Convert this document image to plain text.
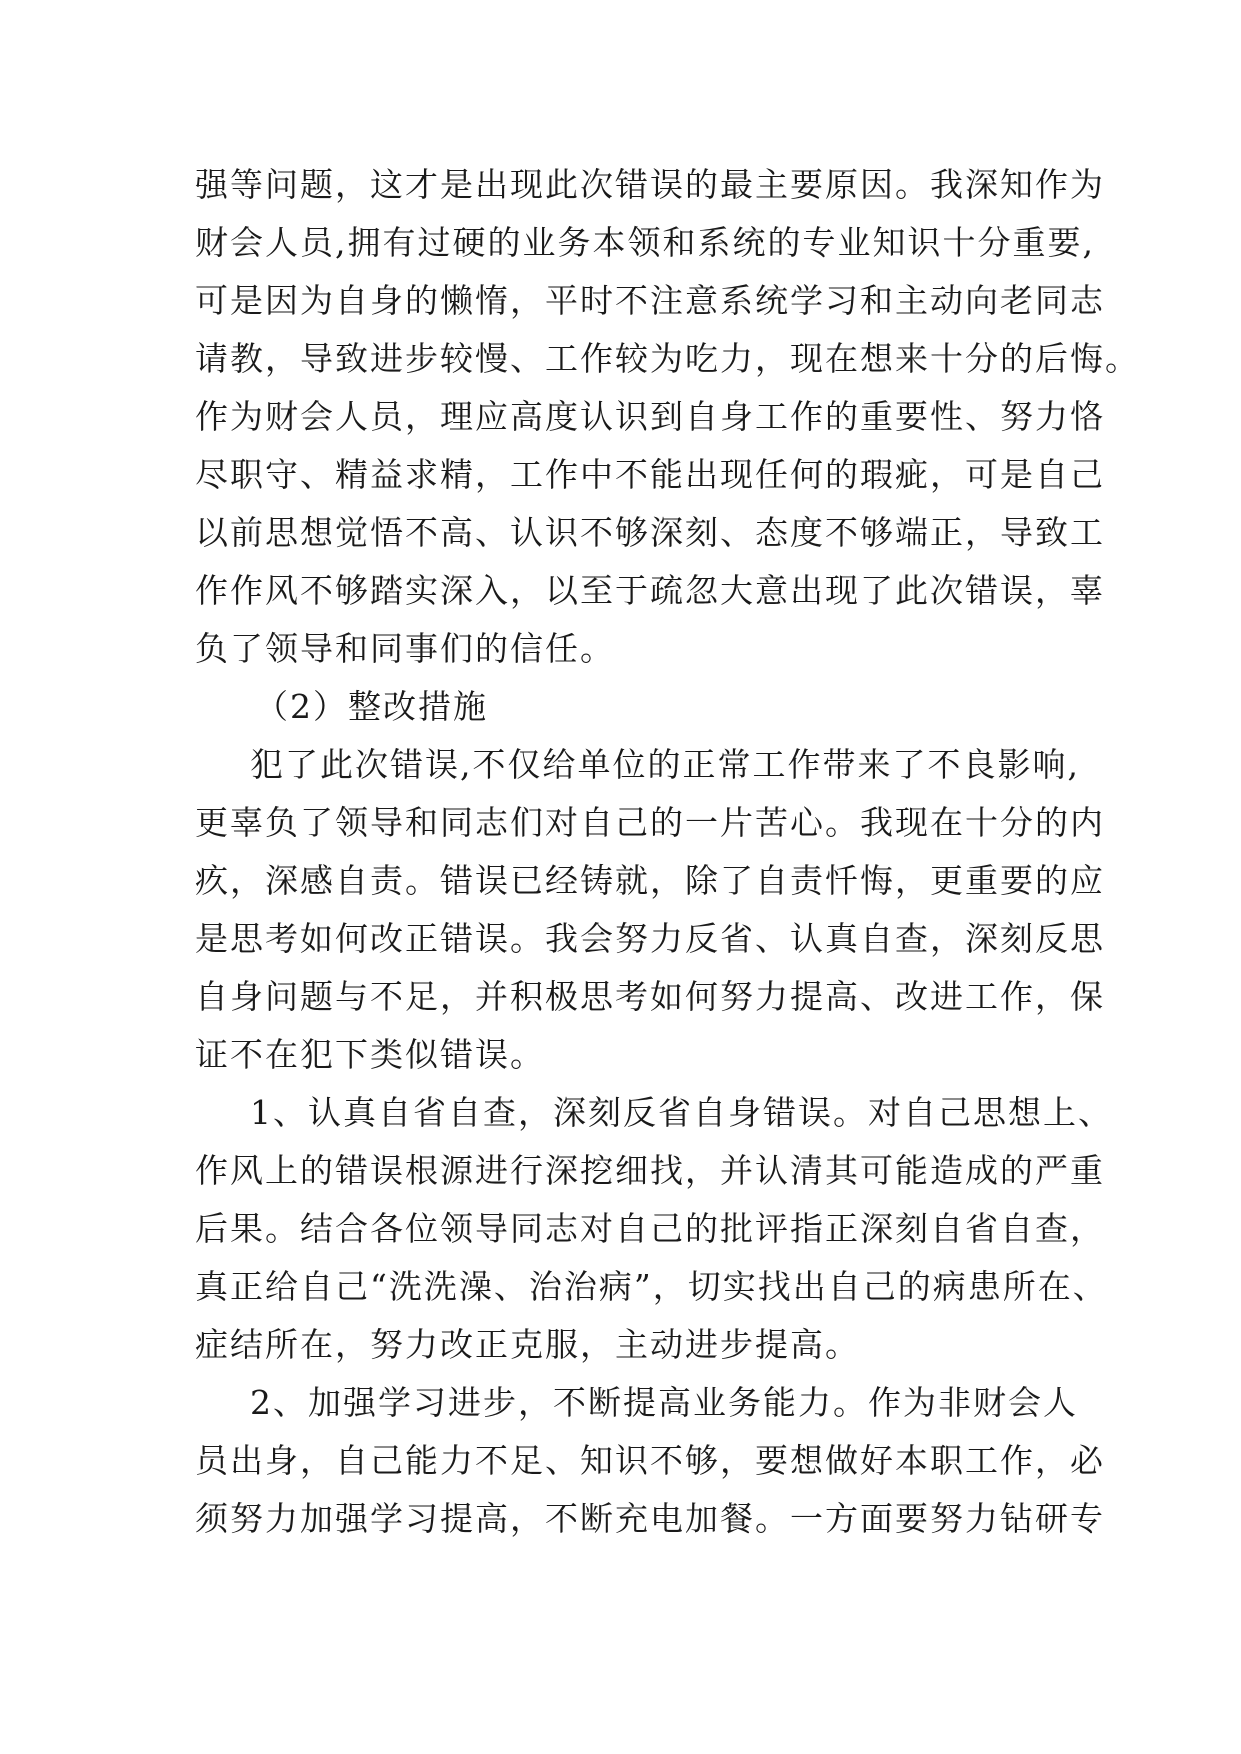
强等问题，这才是出现此次错误的最主要原因。我深知作为
财会人员,拥有过硬的业务本领和系统的专业知识十分重要,
可是因为自身的懒惰，平时不注意系统学习和主动向老同志
请教，导致进步较慢、工作较为吃力，现在想来十分的后悔。
作为财会人员，理应高度认识到自身工作的重要性、努力恪
尽职守、精益求精，工作中不能出现任何的瑕疵，可是自己
以前思想觉悟不高、认识不够深刻、态度不够端正，导致工
作作风不够踏实深入，以至于疏忽大意出现了此次错误，辜
负了领导和同事们的信任。
（2）整改措施
犯了此次错误,不仅给单位的正常工作带来了不良影响,
更辜负了领导和同志们对自己的一片苦心。我现在十分的内
疚，深感自责。错误已经铸就，除了自责忏悔，更重要的应
是思考如何改正错误。我会努力反省、认真自查，深刻反思
自身问题与不足，并积极思考如何努力提高、改进工作，保
证不在犯下类似错误。
1、认真自省自查，深刻反省自身错误。对自己思想上、
作风上的错误根源进行深挖细找，并认清其可能造成的严重
后果。结合各位领导同志对自己的批评指正深刻自省自查，
真正给自己“洗洗澡、治治病”，切实找出自己的病患所在、
症结所在，努力改正克服，主动进步提高。
2、加强学习进步，不断提高业务能力。作为非财会人
员出身，自己能力不足、知识不够，要想做好本职工作，必
须努力加强学习提高，不断充电加餐。一方面要努力钻研专
